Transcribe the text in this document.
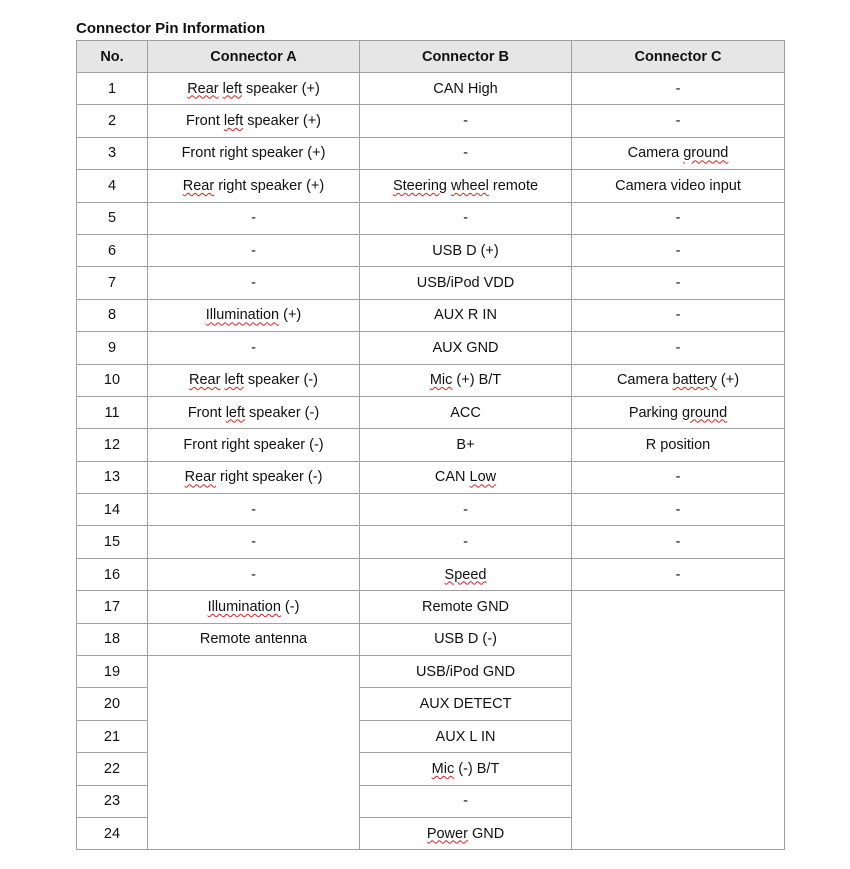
Connector Pin Information
No.	Connector A	Connector B	Connector C
1	Rear left speaker (+)	CAN High	-
2	Front left speaker (+)	-	-
3	Front right speaker (+)	-	Camera ground
4	Rear right speaker (+)	Steering wheel remote	Camera video input
5	-	-	-
6	-	USB D (+)	-
7	-	USB/iPod VDD	-
8	Illumination (+)	AUX R IN	-
9	-	AUX GND	-
10	Rear left speaker (-)	Mic (+) B/T	Camera battery (+)
11	Front left speaker (-)	ACC	Parking ground
12	Front right speaker (-)	B+	R position
13	Rear right speaker (-)	CAN Low	-
14	-	-	-
15	-	-	-
16	-	Speed	-
17	Illumination (-)	Remote GND	
18	Remote antenna	USB D (-)	
19		USB/iPod GND	
20		AUX DETECT	
21		AUX L IN	
22		Mic (-) B/T	
23		-	
24		Power GND	
